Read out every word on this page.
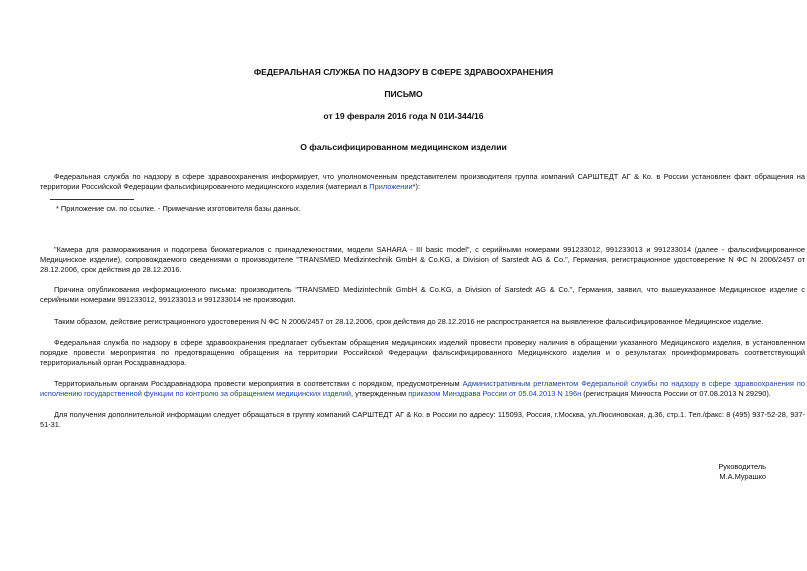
ФЕДЕРАЛЬНАЯ СЛУЖБА ПО НАДЗОРУ В СФЕРЕ ЗДРАВООХРАНЕНИЯ
ПИСЬМО
от 19 февраля 2016 года N 01И-344/16
О фальсифицированном медицинском изделии
Федеральная служба по надзору в сфере здравоохранения информирует, что уполномоченным представителем производителя группа компаний САРШТЕДТ АГ & Ко. в России установлен факт обращения на территории Российской Федерации фальсифицированного медицинского изделия (материал в Приложении*):
* Приложение см. по ссылке. - Примечание изготовителя базы данных.
"Камера для размораживания и подогрева биоматериалов с принадлежностями, модели SAHARA - III basic model", с серийными номерами 991233012, 991233013 и 991233014 (далее - фальсифицированное Медицинское изделие), сопровождаемого сведениями о производителе "TRANSMED Medizintechnik GmbH & Co.KG, a Division of Sarstedt AG & Co.", Германия, регистрационное удостоверение N ФС N 2006/2457 от 28.12.2006, срок действия до 28.12.2016.
Причина опубликования информационного письма: производитель "TRANSMED Medizintechnik GmbH & Co.KG, a Division of Sarstedt AG & Co.", Германия, заявил, что вышеуказанное Медицинское изделие с серийными номерами 991233012, 991233013 и 991233014 не производил.
Таким образом, действие регистрационного удостоверения N ФС N 2006/2457 от 28.12.2006, срок действия до 28.12.2016 не распространяется на выявленное фальсифицированное Медицинское изделие.
Федеральная служба по надзору в сфере здравоохранения предлагает субъектам обращения медицинских изделий провести проверку наличия в обращении указанного Медицинского изделия, в установленном порядке провести мероприятия по предотвращению обращения на территории Российской Федерации фальсифицированного Медицинского изделия и о результатах проинформировать соответствующий территориальный орган Росздравнадзора.
Территориальным органам Росздравнадзора провести мероприятия в соответствии с порядком, предусмотренным Административным регламентом Федеральной службы по надзору в сфере здравоохранения по исполнению государственной функции по контролю за обращением медицинских изделий, утвержденным приказом Минздрава России от 05.04.2013 N 196н (регистрация Минюста России от 07.08.2013 N 29290).
Для получения дополнительной информации следует обращаться в группу компаний САРШТЕДТ АГ & Ко. в России по адресу: 115093, Россия, г.Москва, ул.Люсиновская, д.36, стр.1. Тел./факс: 8 (495) 937-52-28, 937-51-31.
Руководитель
М.А.Мурашко
